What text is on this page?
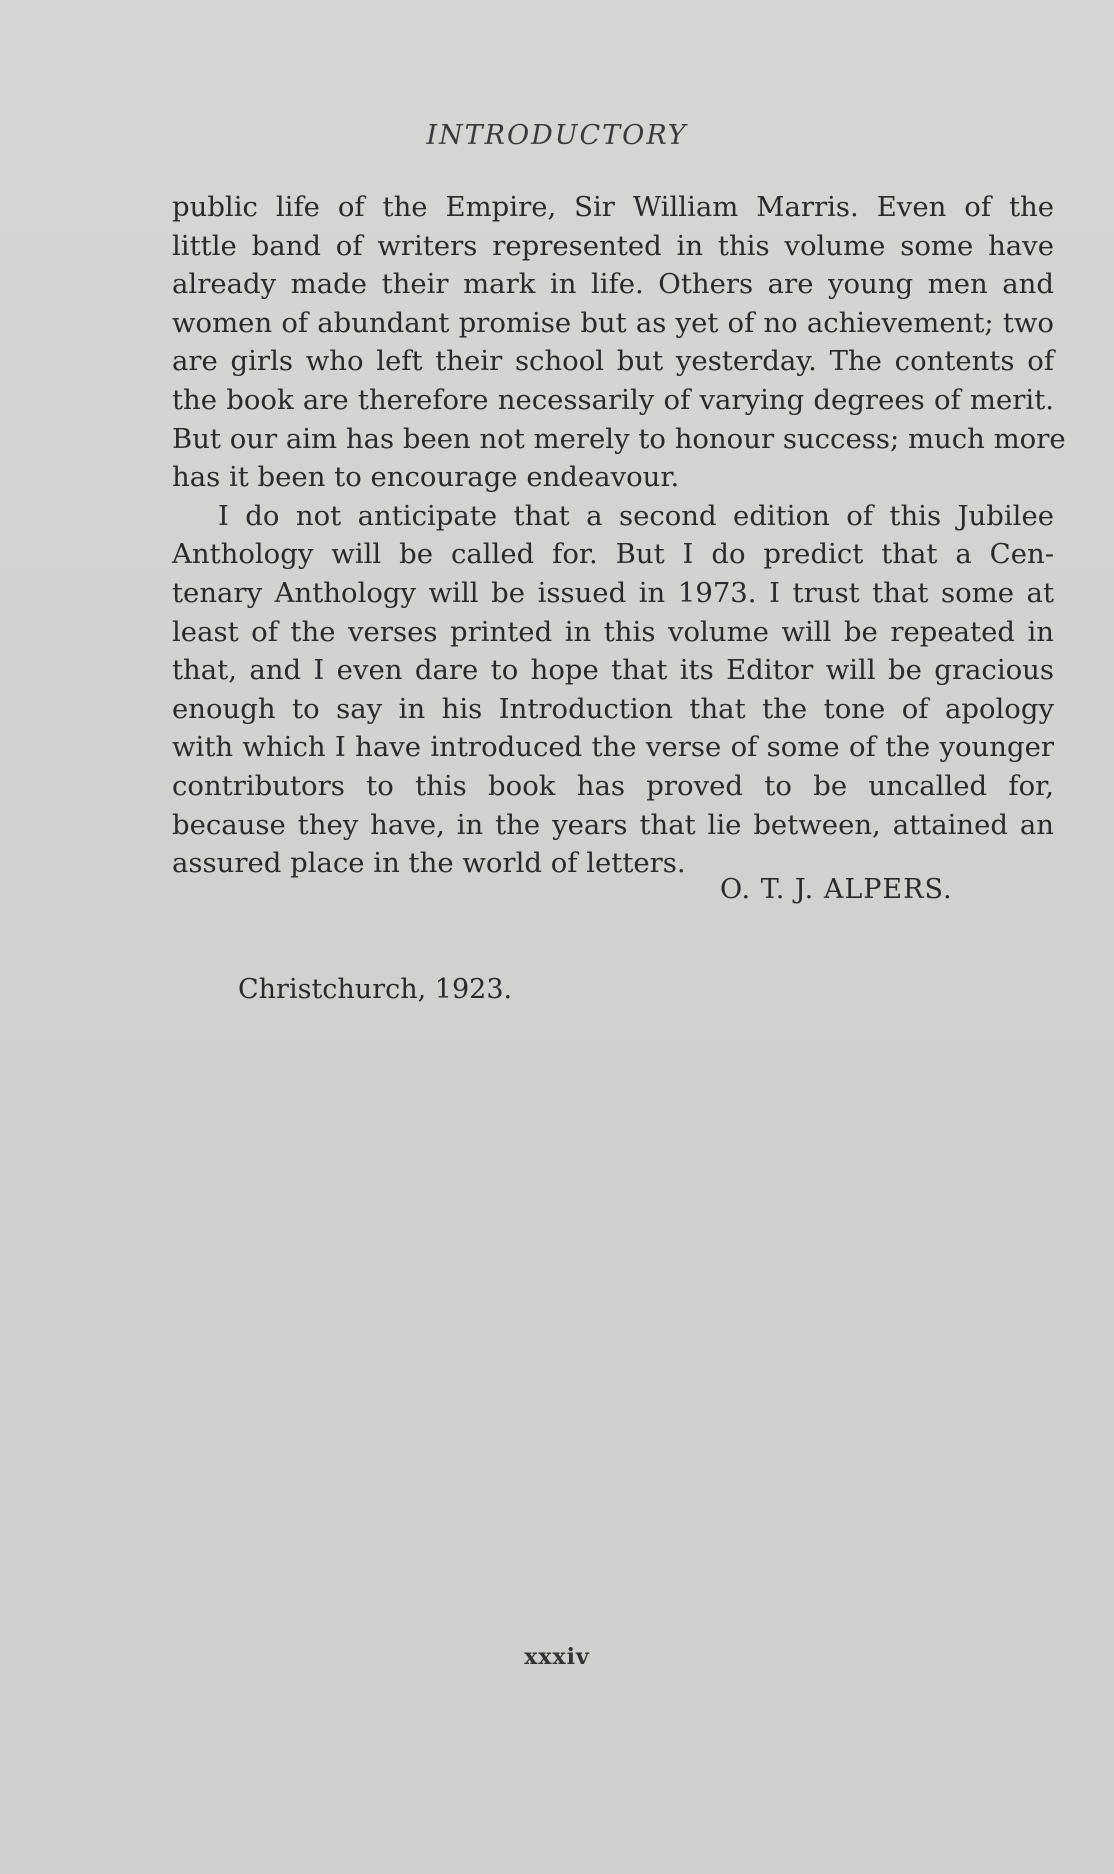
INTRODUCTORY
public life of the Empire, Sir William Marris. Even of the
little band of writers represented in this volume some have
already made their mark in life. Others are young men and
women of abundant promise but as yet of no achievement; two
are girls who left their school but yesterday. The contents of
the book are therefore necessarily of varying degrees of merit.
But our aim has been not merely to honour success; much more
has it been to encourage endeavour.
I do not anticipate that a second edition of this Jubilee
Anthology will be called for. But I do predict that a Cen-
tenary Anthology will be issued in 1973. I trust that some at
least of the verses printed in this volume will be repeated in
that, and I even dare to hope that its Editor will be gracious
enough to say in his Introduction that the tone of apology
with which I have introduced the verse of some of the younger
contributors to this book has proved to be uncalled for,
because they have, in the years that lie between, attained an
assured place in the world of letters.
O. T. J. ALPERS.
Christchurch, 1923.
xxxiv
